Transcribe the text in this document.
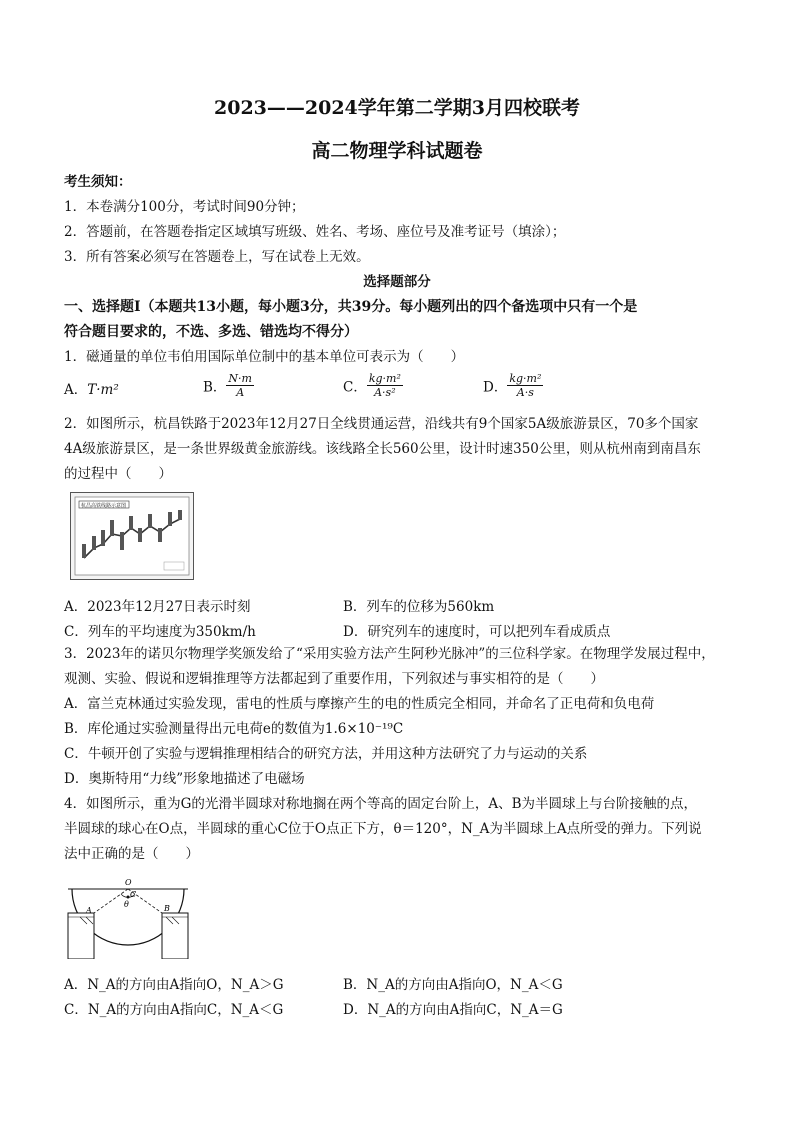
2023——2024学年第二学期3月四校联考
高二物理学科试题卷
考生须知：
1．本卷满分100分，考试时间90分钟；
2．答题前，在答题卷指定区域填写班级、姓名、考场、座位号及准考证号（填涂）；
3．所有答案必须写在答题卷上，写在试卷上无效。
选择题部分
一、选择题Ⅰ（本题共13小题，每小题3分，共39分。每小题列出的四个备选项中只有一个是
符合题目要求的，不选、多选、错选均不得分）
1．磁通量的单位韦伯用国际单位制中的基本单位可表示为（　　）
A．T·m²	B． $\frac{N\cdot m}{A}$	C． $\frac{\text{kg·m²}}{\text{A·s²}}$	D． $\frac{\text{kg·m²}}{A\cdot s}$
2．如图所示，杭昌铁路于2023年12月27日全线贯通运营，沿线共有9个国家5A级旅游景区，70多个国家
4A级旅游景区，是一条世界级黄金旅游线。该线路全长560公里，设计时速350公里，则从杭州南到南昌东
的过程中（　　）
杭昌高铁线路示意图
A．2023年12月27日表示时刻	B．列车的位移为560km
C．列车的平均速度为350km/h	D．研究列车的速度时，可以把列车看成质点
3．2023年的诺贝尔物理学奖颁发给了“采用实验方法产生阿秒光脉冲”的三位科学家。在物理学发展过程中，
观测、实验、假说和逻辑推理等方法都起到了重要作用，下列叙述与事实相符的是（　　）
A．富兰克林通过实验发现，雷电的性质与摩擦产生的电的性质完全相同，并命名了正电荷和负电荷
B．库伦通过实验测量得出元电荷e的数值为1.6×10⁻¹⁹C
C．牛顿开创了实验与逻辑推理相结合的研究方法，并用这种方法研究了力与运动的关系
D．奥斯特用“力线”形象地描述了电磁场
4．如图所示，重为G的光滑半圆球对称地搁在两个等高的固定台阶上，A、B为半圆球上与台阶接触的点，
半圆球的球心在O点，半圆球的重心C位于O点正下方，θ＝120°，N_A为半圆球上A点所受的弹力。下列说
法中正确的是（　　）
O
C
A	B
θ
A．N_A的方向由A指向O，N_A＞G	B．N_A的方向由A指向O，N_A＜G
C．N_A的方向由A指向C，N_A＜G	D．N_A的方向由A指向C，N_A＝G
